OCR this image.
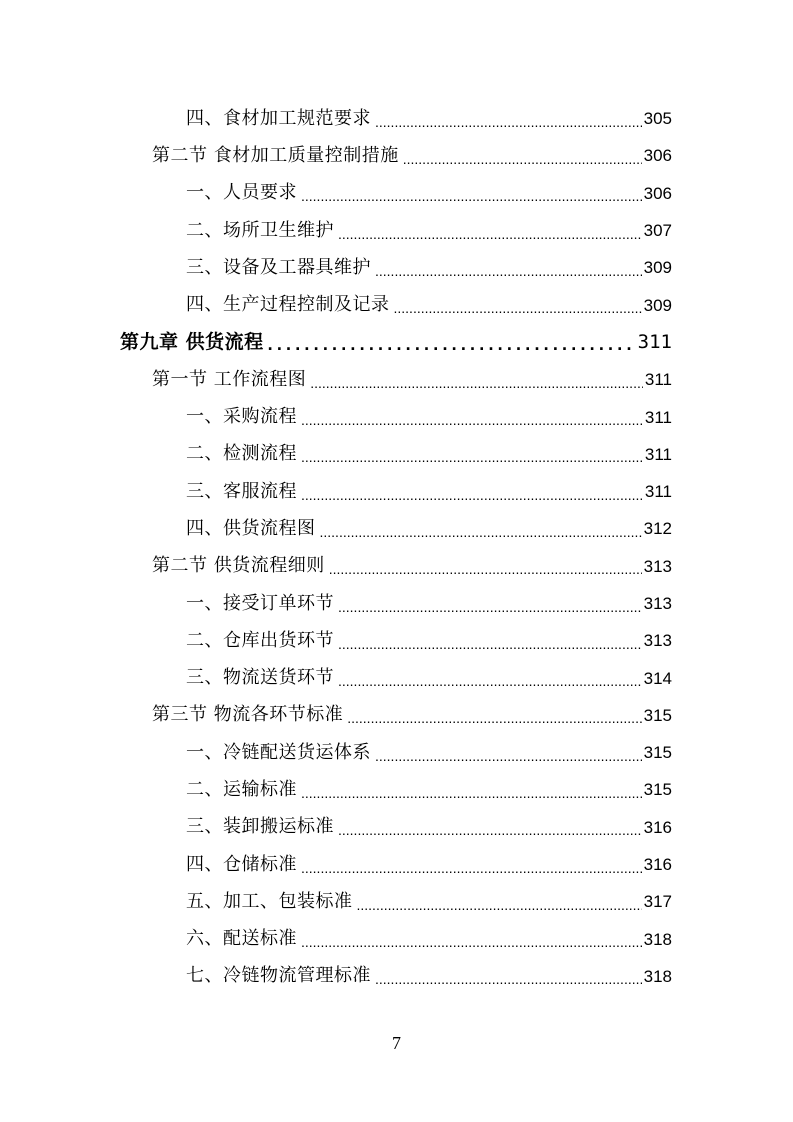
四、食材加工规范要求 .....	305
第二节 食材加工质量控制措施 .....	306
一、人员要求 .....	306
二、场所卫生维护 .....	307
三、设备及工器具维护 .....	309
四、生产过程控制及记录 .....	309
第九章 供货流程 .....	311
第一节 工作流程图 .....	311
一、采购流程 .....	311
二、检测流程 .....	311
三、客服流程 .....	311
四、供货流程图 .....	312
第二节 供货流程细则 .....	313
一、接受订单环节 .....	313
二、仓库出货环节 .....	313
三、物流送货环节 .....	314
第三节 物流各环节标准 .....	315
一、冷链配送货运体系 .....	315
二、运输标准 .....	315
三、装卸搬运标准 .....	316
四、仓储标准 .....	316
五、加工、包装标准 .....	317
六、配送标准 .....	318
七、冷链物流管理标准 .....	318
7
